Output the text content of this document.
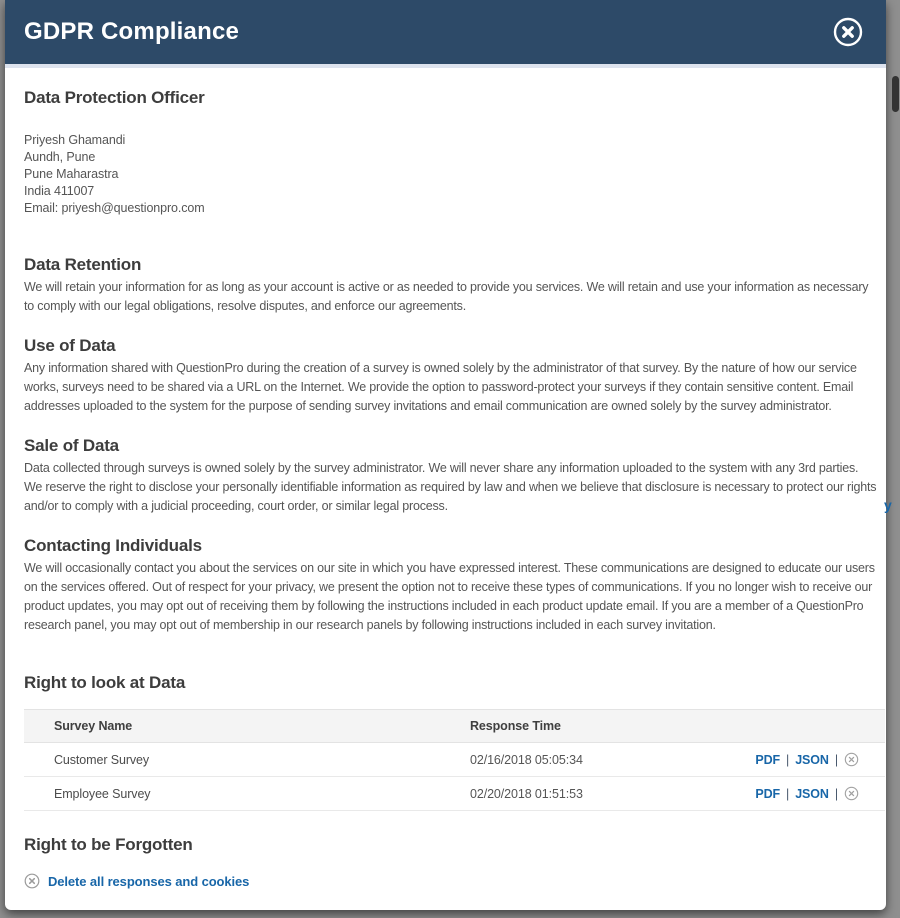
GDPR Compliance
Data Protection Officer
Priyesh Ghamandi
Aundh, Pune
Pune Maharastra
India 411007
Email: priyesh@questionpro.com
Data Retention

We will retain your information for as long as your account is active or as needed to provide you services. We will retain and use your information as necessary to comply with our legal obligations, resolve disputes, and enforce our agreements.

Use of Data

Any information shared with QuestionPro during the creation of a survey is owned solely by the administrator of that survey. By the nature of how our service works, surveys need to be shared via a URL on the Internet. We provide the option to password-protect your surveys if they contain sensitive content. Email addresses uploaded to the system for the purpose of sending survey invitations and email communication are owned solely by the survey administrator.

Sale of Data

Data collected through surveys is owned solely by the survey administrator. We will never share any information uploaded to the system with any 3rd parties. We reserve the right to disclose your personally identifiable information as required by law and when we believe that disclosure is necessary to protect our rights and/or to comply with a judicial proceeding, court order, or similar legal process.

Contacting Individuals

We will occasionally contact you about the services on our site in which you have expressed interest. These communications are designed to educate our users on the services offered. Out of respect for your privacy, we present the option not to receive these types of communications. If you no longer wish to receive our product updates, you may opt out of receiving them by following the instructions included in each product update email. If you are a member of a QuestionPro research panel, you may opt out of membership in our research panels by following instructions included in each survey invitation.

Right to look at Data
Survey Name	Response Time
Customer Survey	02/16/2018 05:05:34	PDF | JSON |
Employee Survey	02/20/2018 01:51:53	PDF | JSON |
Right to be Forgotten
Delete all responses and cookies
y
